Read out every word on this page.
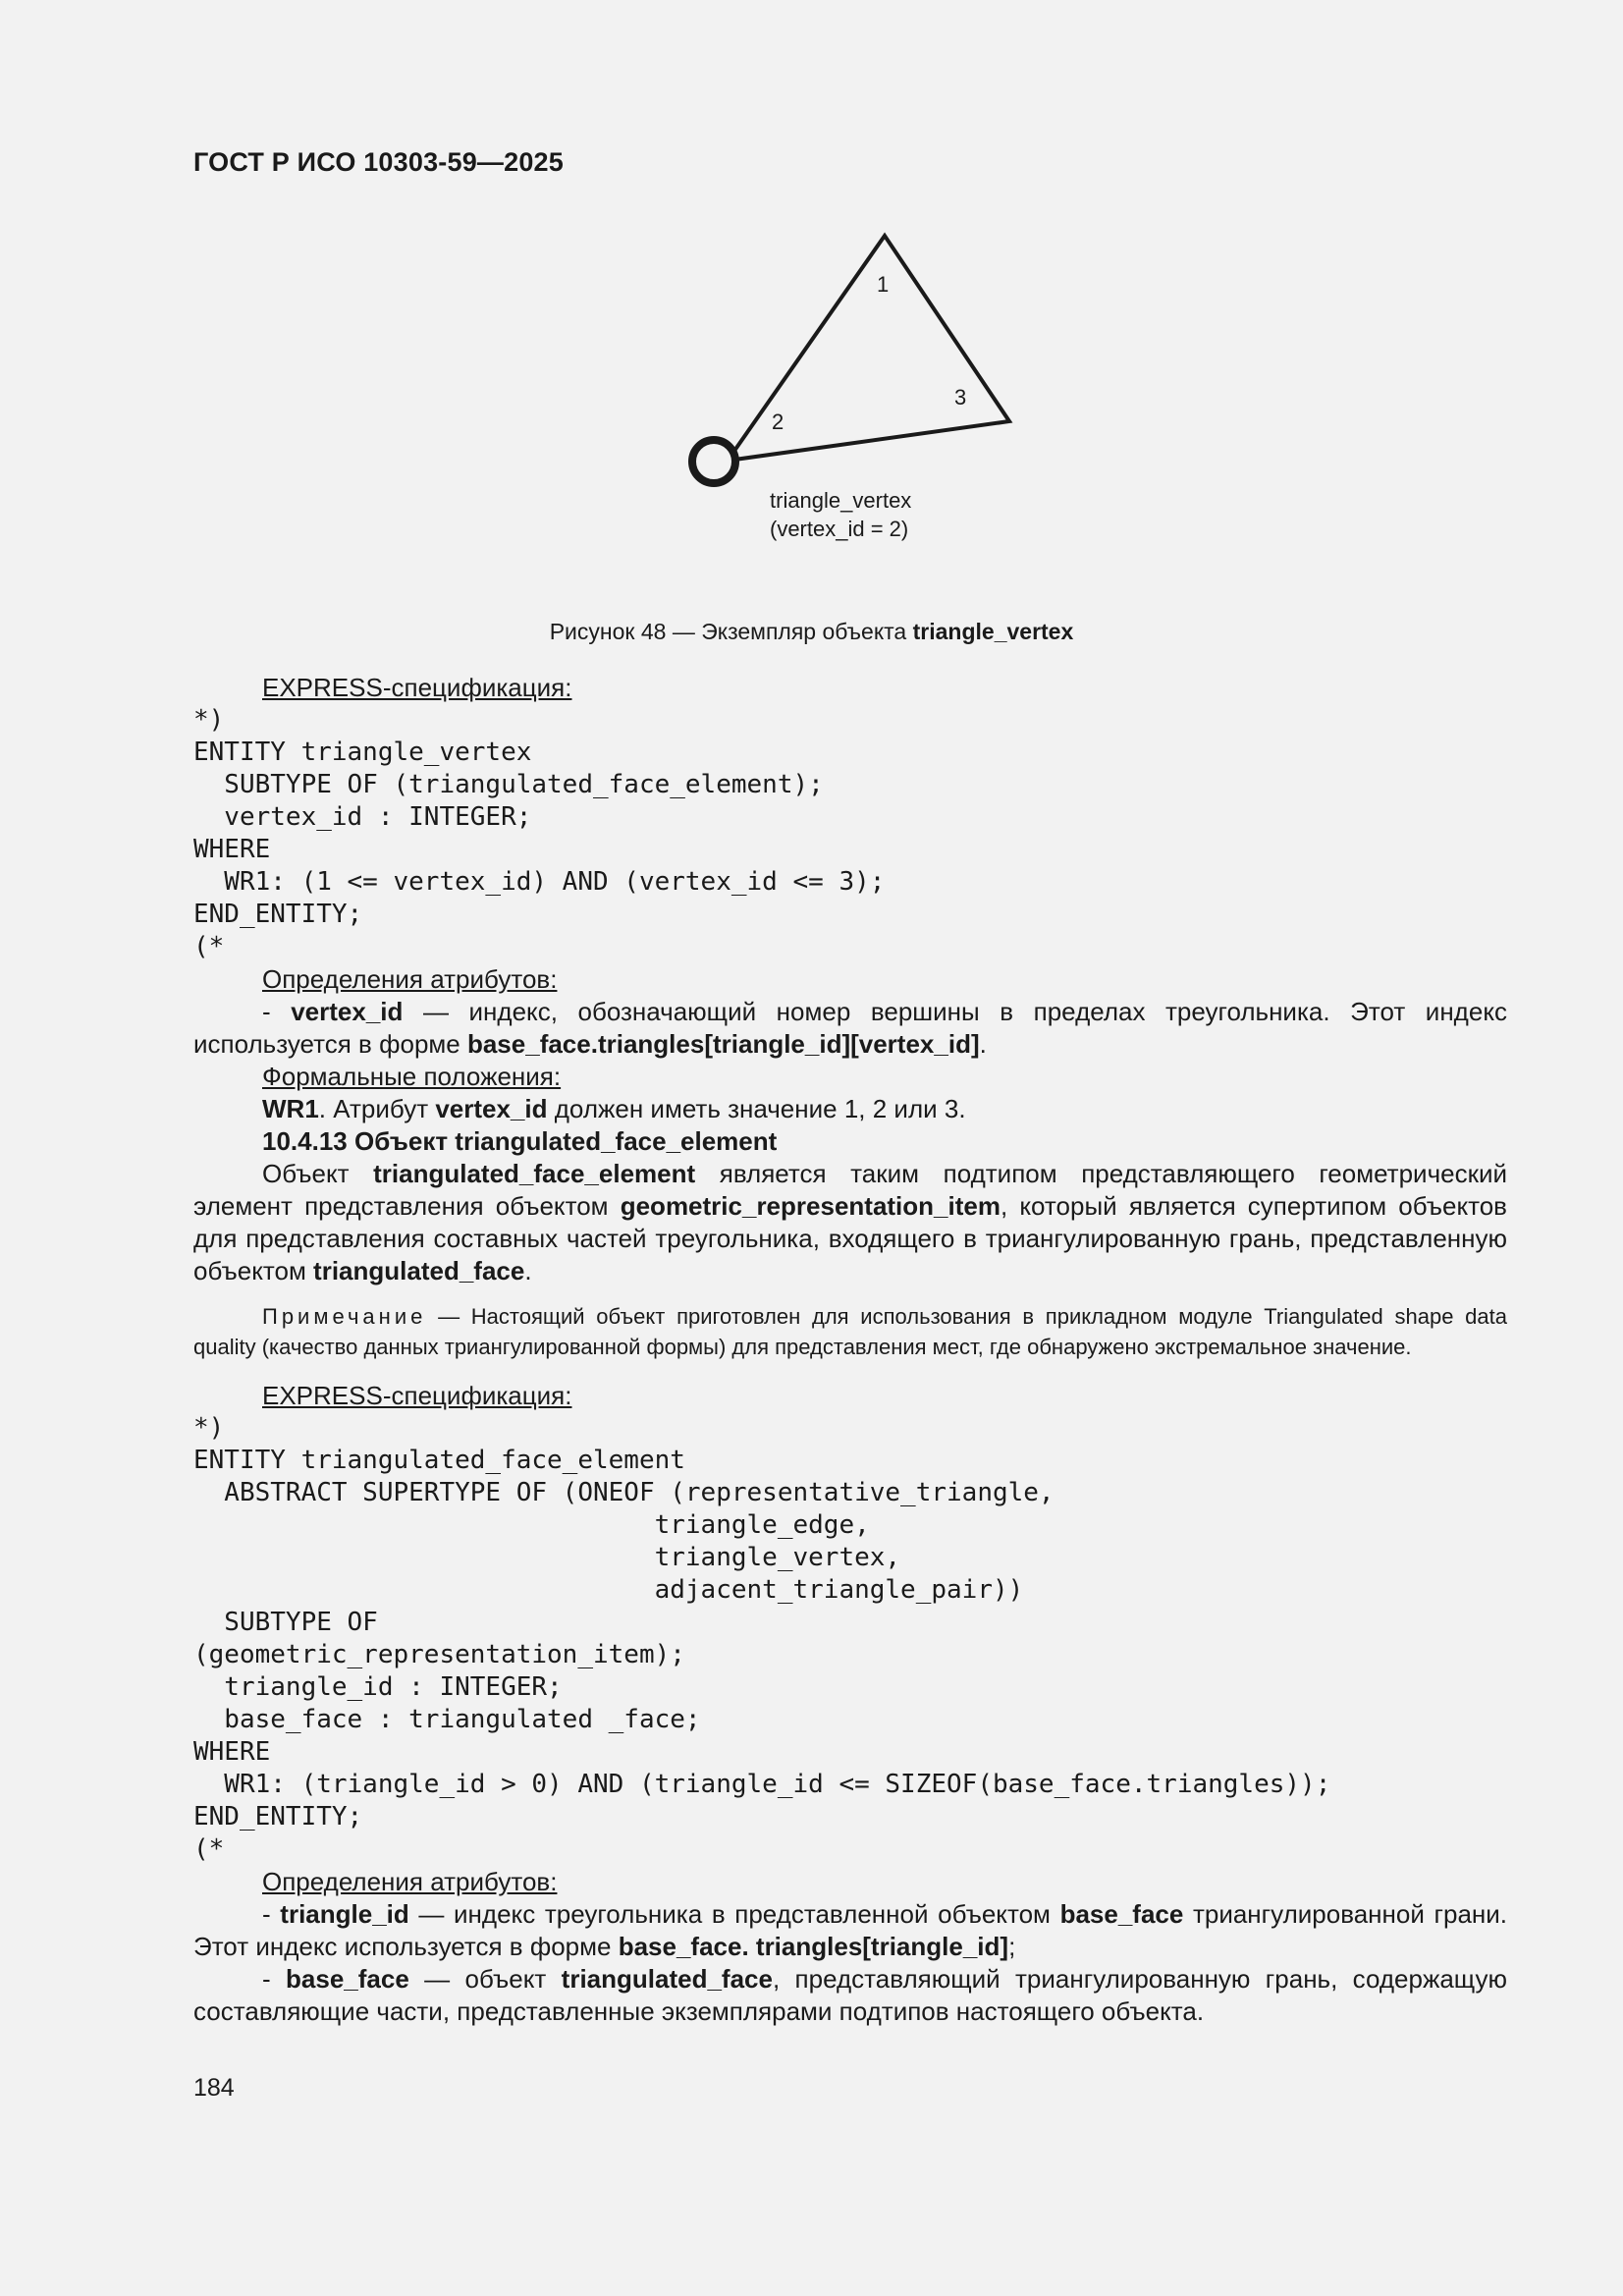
ГОСТ Р ИСО 10303-59—2025
1
2
3
triangle_vertex
(vertex_id = 2)
Рисунок 48 — Экземпляр объекта triangle_vertex

EXPRESS-спецификация:

*)

ENTITY triangle_vertex

SUBTYPE OF (triangulated_face_element);

vertex_id : INTEGER;

WHERE

WR1: (1 <= vertex_id) AND (vertex_id <= 3);

END_ENTITY;

(*

Определения атрибутов:

- vertex_id — индекс, обозначающий номер вершины в пределах треугольника. Этот индекс используется в форме base_face.triangles[triangle_id][vertex_id].

Формальные положения:

WR1. Атрибут vertex_id должен иметь значение 1, 2 или 3.

10.4.13 Объект triangulated_face_element

Объект triangulated_face_element является таким подтипом представляющего геометрический элемент представления объектом geometric_representation_item, который является супертипом объектов для представления составных частей треугольника, входящего в триангулированную грань, представленную объектом triangulated_face.

Примечание — Настоящий объект приготовлен для использования в прикладном модуле Triangulated shape data quality (качество данных триангулированной формы) для представления мест, где обнаружено экстремальное значение.

EXPRESS-спецификация:

*)

ENTITY triangulated_face_element

ABSTRACT SUPERTYPE OF (ONEOF (representative_triangle,

triangle_edge,

triangle_vertex,

adjacent_triangle_pair))

SUBTYPE OF

(geometric_representation_item);

triangle_id : INTEGER;

base_face : triangulated _face;

WHERE

WR1: (triangle_id > 0) AND (triangle_id <= SIZEOF(base_face.triangles));

END_ENTITY;

(*

Определения атрибутов:

- triangle_id — индекс треугольника в представленной объектом base_face триангулированной грани. Этот индекс используется в форме base_face. triangles[triangle_id];

- base_face — объект triangulated_face, представляющий триангулированную грань, содержащую составляющие части, представленные экземплярами подтипов настоящего объекта.

184
